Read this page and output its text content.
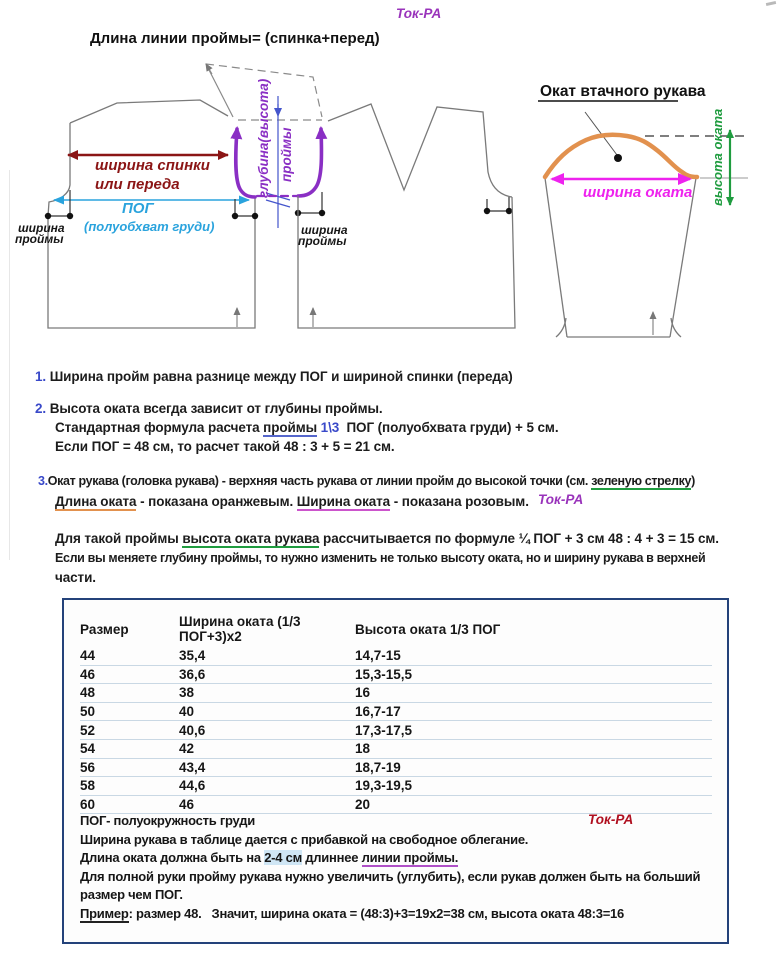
Ток-РА
Длина линии проймы= (спинка+перед)
ширина спинки
или переда
ПОГ
(полуобхват груди)
ширина
проймы
ширина
проймы
глубина(высота) проймы
Окат втачного рукава
ширина оката высота оката
1. Ширина пройм равна разнице между ПОГ и шириной спинки (переда)
2. Высота оката всегда зависит от глубины проймы.
Стандартная формула расчета проймы 1\3  ПОГ (полуобхвата груди) + 5 см.
Если ПОГ = 48 см, то расчет такой 48 : 3 + 5 = 21 см.
3.Окат рукава (головка рукава) - верхняя часть рукава от линии пройм до высокой точки (см. зеленую стрелку)
Длина оката - показана оранжевым. Ширина оката - показана розовым. Ток-РА
Для такой проймы высота оката рукава рассчитывается по формуле ¼ ПОГ + 3 см 48 : 4 + 3 = 15 см.
Если вы меняете глубину проймы, то нужно изменить не только высоту оката, но и ширину рукава в верхней
части.
Размер	Ширина оката (1/3 ПОГ+3)х2	Высота оката 1/3 ПОГ
44	35,4	14,7-15
46	36,6	15,3-15,5
48	38	16
50	40	16,7-17
52	40,6	17,3-17,5
54	42	18
56	43,4	18,7-19
58	44,6	19,3-19,5
60	46	20
ПОГ- полуокружность груди
Ширина рукава в таблице дается с прибавкой на свободное облегание.
Длина оката должна быть на 2-4 см длиннее линии проймы.
Для полной руки пройму рукава нужно увеличить (углубить), если рукав должен быть на больший
размер чем ПОГ.
Пример: размер 48.   Значит, ширина оката = (48:3)+3=19х2=38 см, высота оката 48:3=16
Ток-РА
